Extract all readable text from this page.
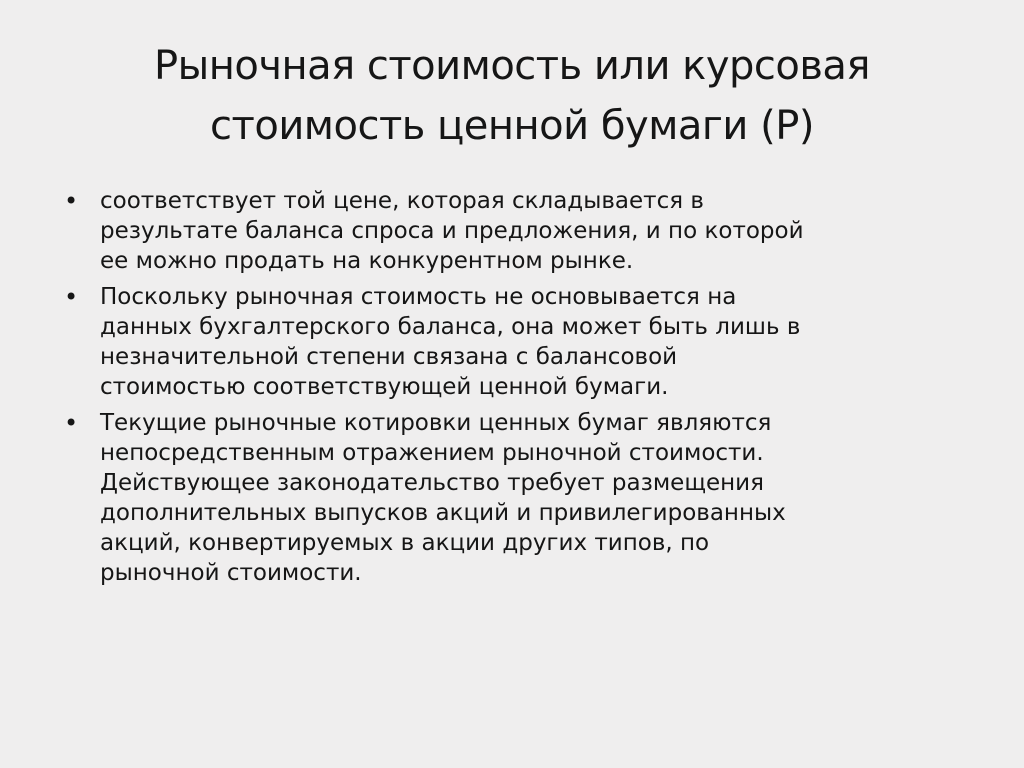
Рыночная стоимость или курсовая
стоимость ценной бумаги (Р)
• соответствует той цене, которая складывается в
результате баланса спроса и предложения, и по которой
ее можно продать на конкурентном рынке.
• Поскольку рыночная стоимость не основывается на
данных бухгалтерского баланса, она может быть лишь в
незначительной степени связана с балансовой
стоимостью соответствующей ценной бумаги.
• Текущие рыночные котировки ценных бумаг являются
непосредственным отражением рыночной стоимости.
Действующее законодательство требует размещения
дополнительных выпусков акций и привилегированных
акций, конвертируемых в акции других типов, по
рыночной стоимости.
